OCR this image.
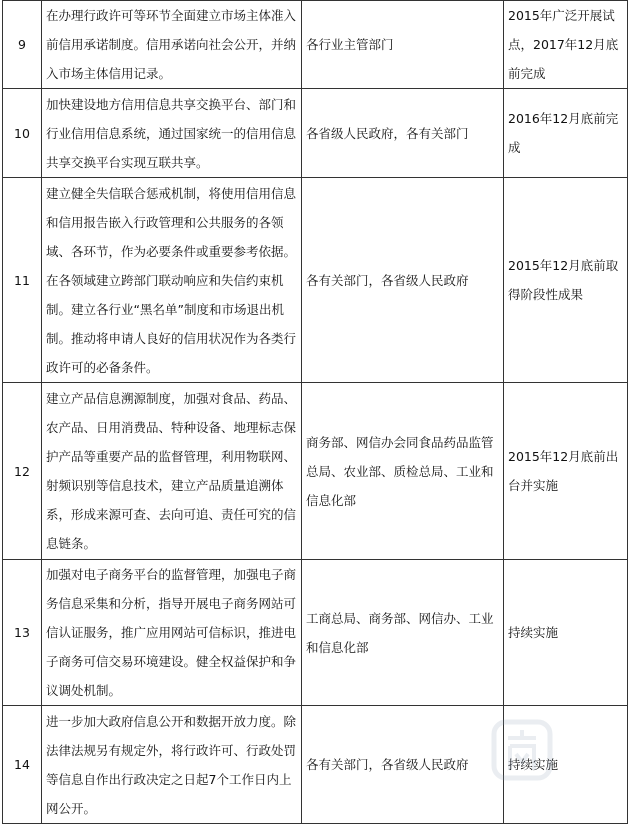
9	在办理行政许可等环节全面建立市场主体准入前信用承诺制度。信用承诺向社会公开，并纳入市场主体信用记录。	各行业主管部门	2015年广泛开展试点，2017年12月底前完成
10	加快建设地方信用信息共享交换平台、部门和行业信用信息系统，通过国家统一的信用信息共享交换平台实现互联共享。	各省级人民政府，各有关部门	2016年12月底前完成
11	建立健全失信联合惩戒机制，将使用信用信息和信用报告嵌入行政管理和公共服务的各领域、各环节，作为必要条件或重要参考依据。在各领域建立跨部门联动响应和失信约束机制。建立各行业“黑名单”制度和市场退出机制。推动将申请人良好的信用状况作为各类行政许可的必备条件。	各有关部门，各省级人民政府	2015年12月底前取得阶段性成果
12	建立产品信息溯源制度，加强对食品、药品、农产品、日用消费品、特种设备、地理标志保护产品等重要产品的监督管理，利用物联网、射频识别等信息技术，建立产品质量追溯体系，形成来源可查、去向可追、责任可究的信息链条。	商务部、网信办会同食品药品监管总局、农业部、质检总局、工业和信息化部	2015年12月底前出台并实施
13	加强对电子商务平台的监督管理，加强电子商务信息采集和分析，指导开展电子商务网站可信认证服务，推广应用网站可信标识，推进电子商务可信交易环境建设。健全权益保护和争议调处机制。	工商总局、商务部、网信办、工业和信息化部	持续实施
14	进一步加大政府信息公开和数据开放力度。除法律法规另有规定外，将行政许可、行政处罚等信息自作出行政决定之日起7个工作日内上网公开。	各有关部门，各省级人民政府	持续实施
